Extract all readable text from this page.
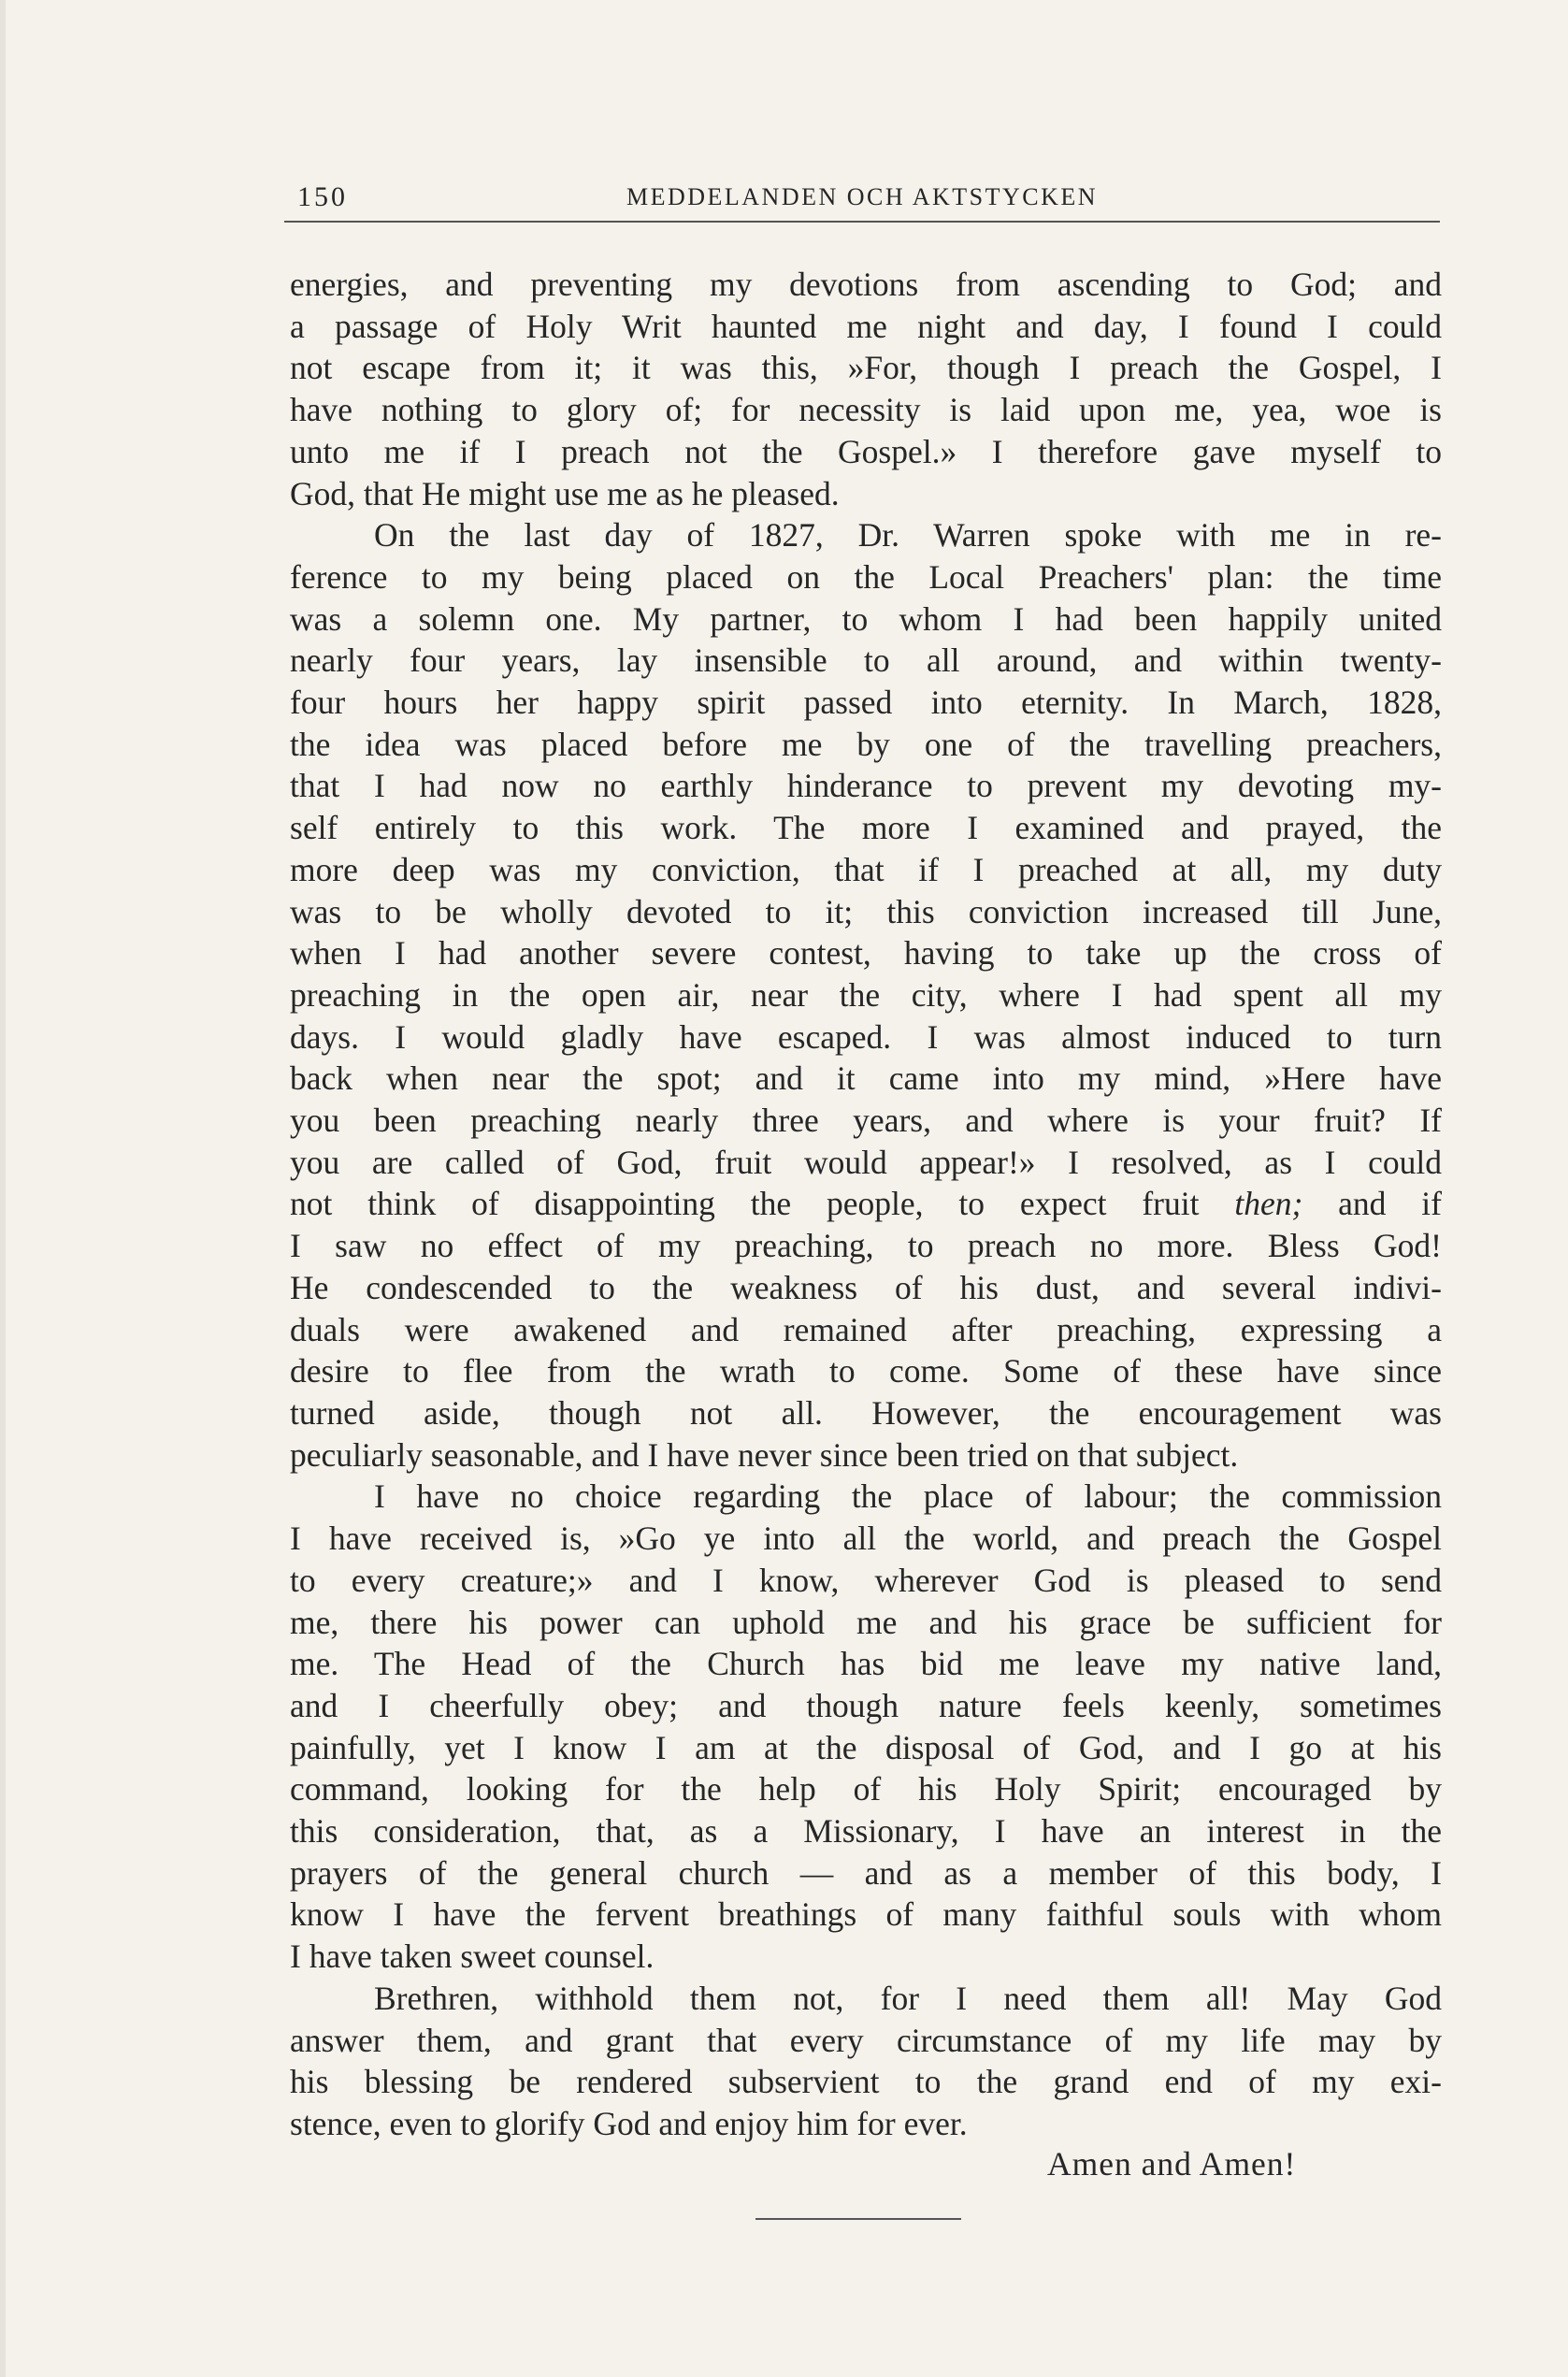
150	MEDDELANDEN OCH AKTSTYCKEN
energies, and preventing my devotions from ascending to God; and
a passage of Holy Writ haunted me night and day, I found I could
not escape from it; it was this, »For, though I preach the Gospel, I
have nothing to glory of; for necessity is laid upon me, yea, woe is
unto me if I preach not the Gospel.» I therefore gave myself to
God, that He might use me as he pleased.
On the last day of 1827, Dr. Warren spoke with me in re-
ference to my being placed on the Local Preachers' plan: the time
was a solemn one. My partner, to whom I had been happily united
nearly four years, lay insensible to all around, and within twenty-
four hours her happy spirit passed into eternity. In March, 1828,
the idea was placed before me by one of the travelling preachers,
that I had now no earthly hinderance to prevent my devoting my-
self entirely to this work. The more I examined and prayed, the
more deep was my conviction, that if I preached at all, my duty
was to be wholly devoted to it; this conviction increased till June,
when I had another severe contest, having to take up the cross of
preaching in the open air, near the city, where I had spent all my
days. I would gladly have escaped. I was almost induced to turn
back when near the spot; and it came into my mind, »Here have
you been preaching nearly three years, and where is your fruit? If
you are called of God, fruit would appear!» I resolved, as I could
not think of disappointing the people, to expect fruit then; and if
I saw no effect of my preaching, to preach no more. Bless God!
He condescended to the weakness of his dust, and several indivi-
duals were awakened and remained after preaching, expressing a
desire to flee from the wrath to come. Some of these have since
turned aside, though not all. However, the encouragement was
peculiarly seasonable, and I have never since been tried on that subject.
I have no choice regarding the place of labour; the commission
I have received is, »Go ye into all the world, and preach the Gospel
to every creature;» and I know, wherever God is pleased to send
me, there his power can uphold me and his grace be sufficient for
me. The Head of the Church has bid me leave my native land,
and I cheerfully obey; and though nature feels keenly, sometimes
painfully, yet I know I am at the disposal of God, and I go at his
command, looking for the help of his Holy Spirit; encouraged by
this consideration, that, as a Missionary, I have an interest in the
prayers of the general church — and as a member of this body, I
know I have the fervent breathings of many faithful souls with whom
I have taken sweet counsel.
Brethren, withhold them not, for I need them all! May God
answer them, and grant that every circumstance of my life may by
his blessing be rendered subservient to the grand end of my exi-
stence, even to glorify God and enjoy him for ever.
Amen and Amen!
